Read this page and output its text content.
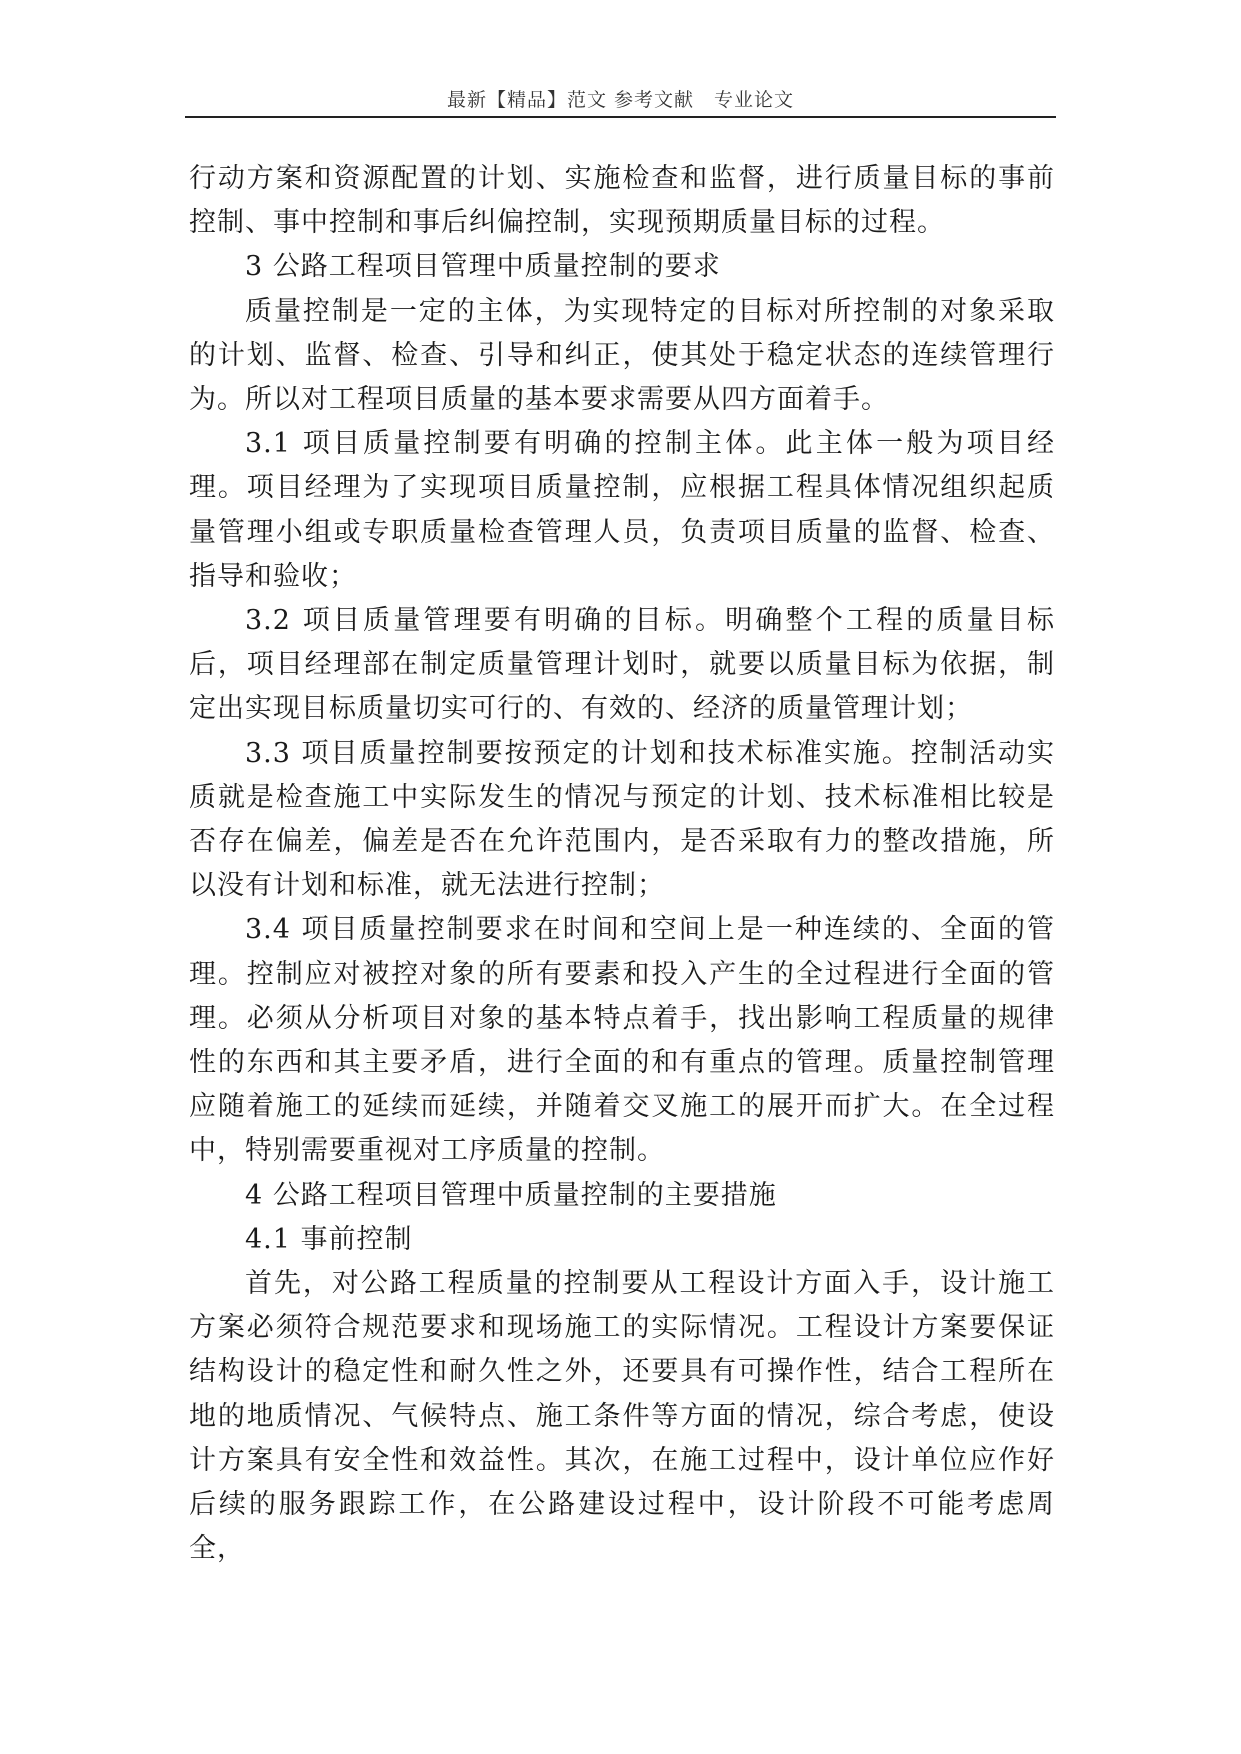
最新【精品】范文 参考文献　专业论文

行动方案和资源配置的计划、实施检查和监督，进行质量目标的事前控制、事中控制和事后纠偏控制，实现预期质量目标的过程。

3 公路工程项目管理中质量控制的要求

质量控制是一定的主体，为实现特定的目标对所控制的对象采取的计划、监督、检查、引导和纠正，使其处于稳定状态的连续管理行为。所以对工程项目质量的基本要求需要从四方面着手。

3.1 项目质量控制要有明确的控制主体。此主体一般为项目经理。项目经理为了实现项目质量控制，应根据工程具体情况组织起质量管理小组或专职质量检查管理人员，负责项目质量的监督、检查、指导和验收；

3.2 项目质量管理要有明确的目标。明确整个工程的质量目标后，项目经理部在制定质量管理计划时，就要以质量目标为依据，制定出实现目标质量切实可行的、有效的、经济的质量管理计划；

3.3 项目质量控制要按预定的计划和技术标准实施。控制活动实质就是检查施工中实际发生的情况与预定的计划、技术标准相比较是否存在偏差，偏差是否在允许范围内，是否采取有力的整改措施，所以没有计划和标准，就无法进行控制；

3.4 项目质量控制要求在时间和空间上是一种连续的、全面的管理。控制应对被控对象的所有要素和投入产生的全过程进行全面的管理。必须从分析项目对象的基本特点着手，找出影响工程质量的规律性的东西和其主要矛盾，进行全面的和有重点的管理。质量控制管理应随着施工的延续而延续，并随着交叉施工的展开而扩大。在全过程中，特别需要重视对工序质量的控制。

4 公路工程项目管理中质量控制的主要措施

4.1 事前控制

首先，对公路工程质量的控制要从工程设计方面入手，设计施工方案必须符合规范要求和现场施工的实际情况。工程设计方案要保证结构设计的稳定性和耐久性之外，还要具有可操作性，结合工程所在地的地质情况、气候特点、施工条件等方面的情况，综合考虑，使设计方案具有安全性和效益性。其次，在施工过程中，设计单位应作好后续的服务跟踪工作，在公路建设过程中，设计阶段不可能考虑周全，
